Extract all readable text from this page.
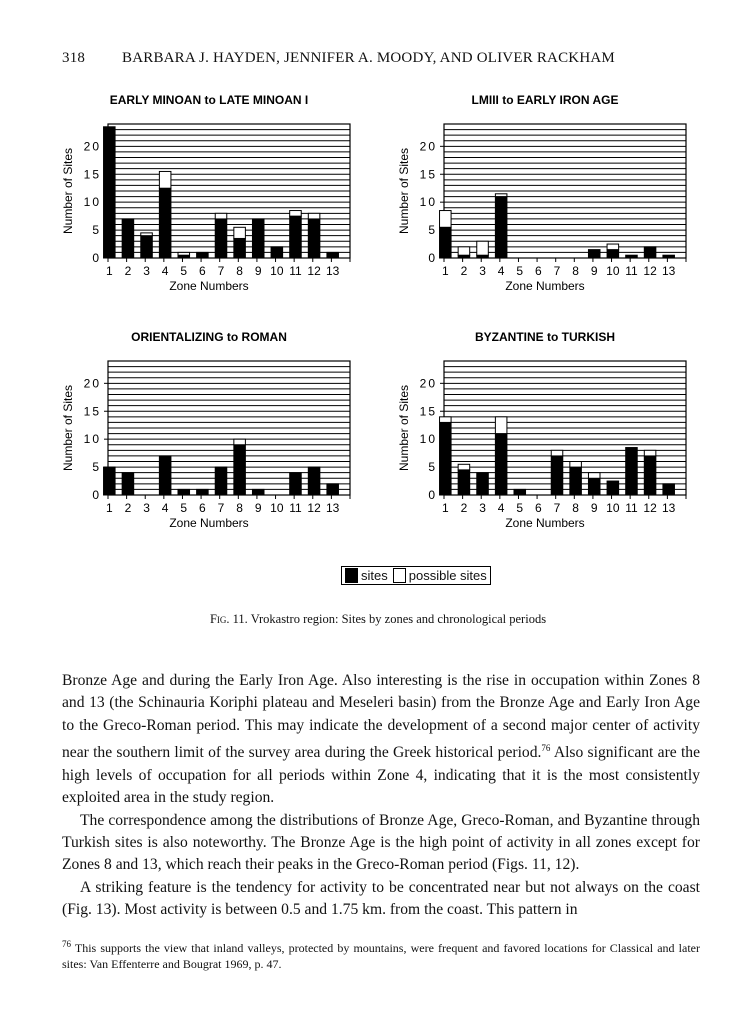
318 BARBARA J. HAYDEN, JENNIFER A. MOODY, AND OLIVER RACKHAM
EARLY MINOAN to LATE MINOAN I
0
5
10
15
20
Number of Sites
1 2 3 4 5 6 7 8 9 10 11 12 13
Zone Numbers
LMIII to EARLY IRON AGE
0
5
10
15
20
Number of Sites
1 2 3 4 5 6 7 8 9 10 11 12 13
Zone Numbers
ORIENTALIZING to ROMAN
0
5
10
15
20
Number of Sites
1 2 3 4 5 6 7 8 9 10 11 12 13
Zone Numbers
BYZANTINE to TURKISH
0
5
10
15
20
Number of Sites
1 2 3 4 5 6 7 8 9 10 11 12 13
Zone Numbers
sites possible sites
Fig. 11. Vrokastro region: Sites by zones and chronological periods

Bronze Age and during the Early Iron Age. Also interesting is the rise in occupation within Zones 8 and 13 (the Schinauria Koriphi plateau and Meseleri basin) from the Bronze Age and Early Iron Age to the Greco-Roman period. This may indicate the development of a second major center of activity near the southern limit of the survey area during the Greek historical period.$^{76}$ Also significant are the high levels of occupation for all periods within Zone 4, indicating that it is the most consistently exploited area in the study region.

The correspondence among the distributions of Bronze Age, Greco-Roman, and Byzantine through Turkish sites is also noteworthy. The Bronze Age is the high point of activity in all zones except for Zones 8 and 13, which reach their peaks in the Greco-Roman period (Figs. 11, 12).

A striking feature is the tendency for activity to be concentrated near but not always on the coast (Fig. 13). Most activity is between 0.5 and 1.75 km. from the coast. This pattern in

$^{76}$ This supports the view that inland valleys, protected by mountains, were frequent and favored locations for Classical and later sites: Van Effenterre and Bougrat 1969, p. 47.
